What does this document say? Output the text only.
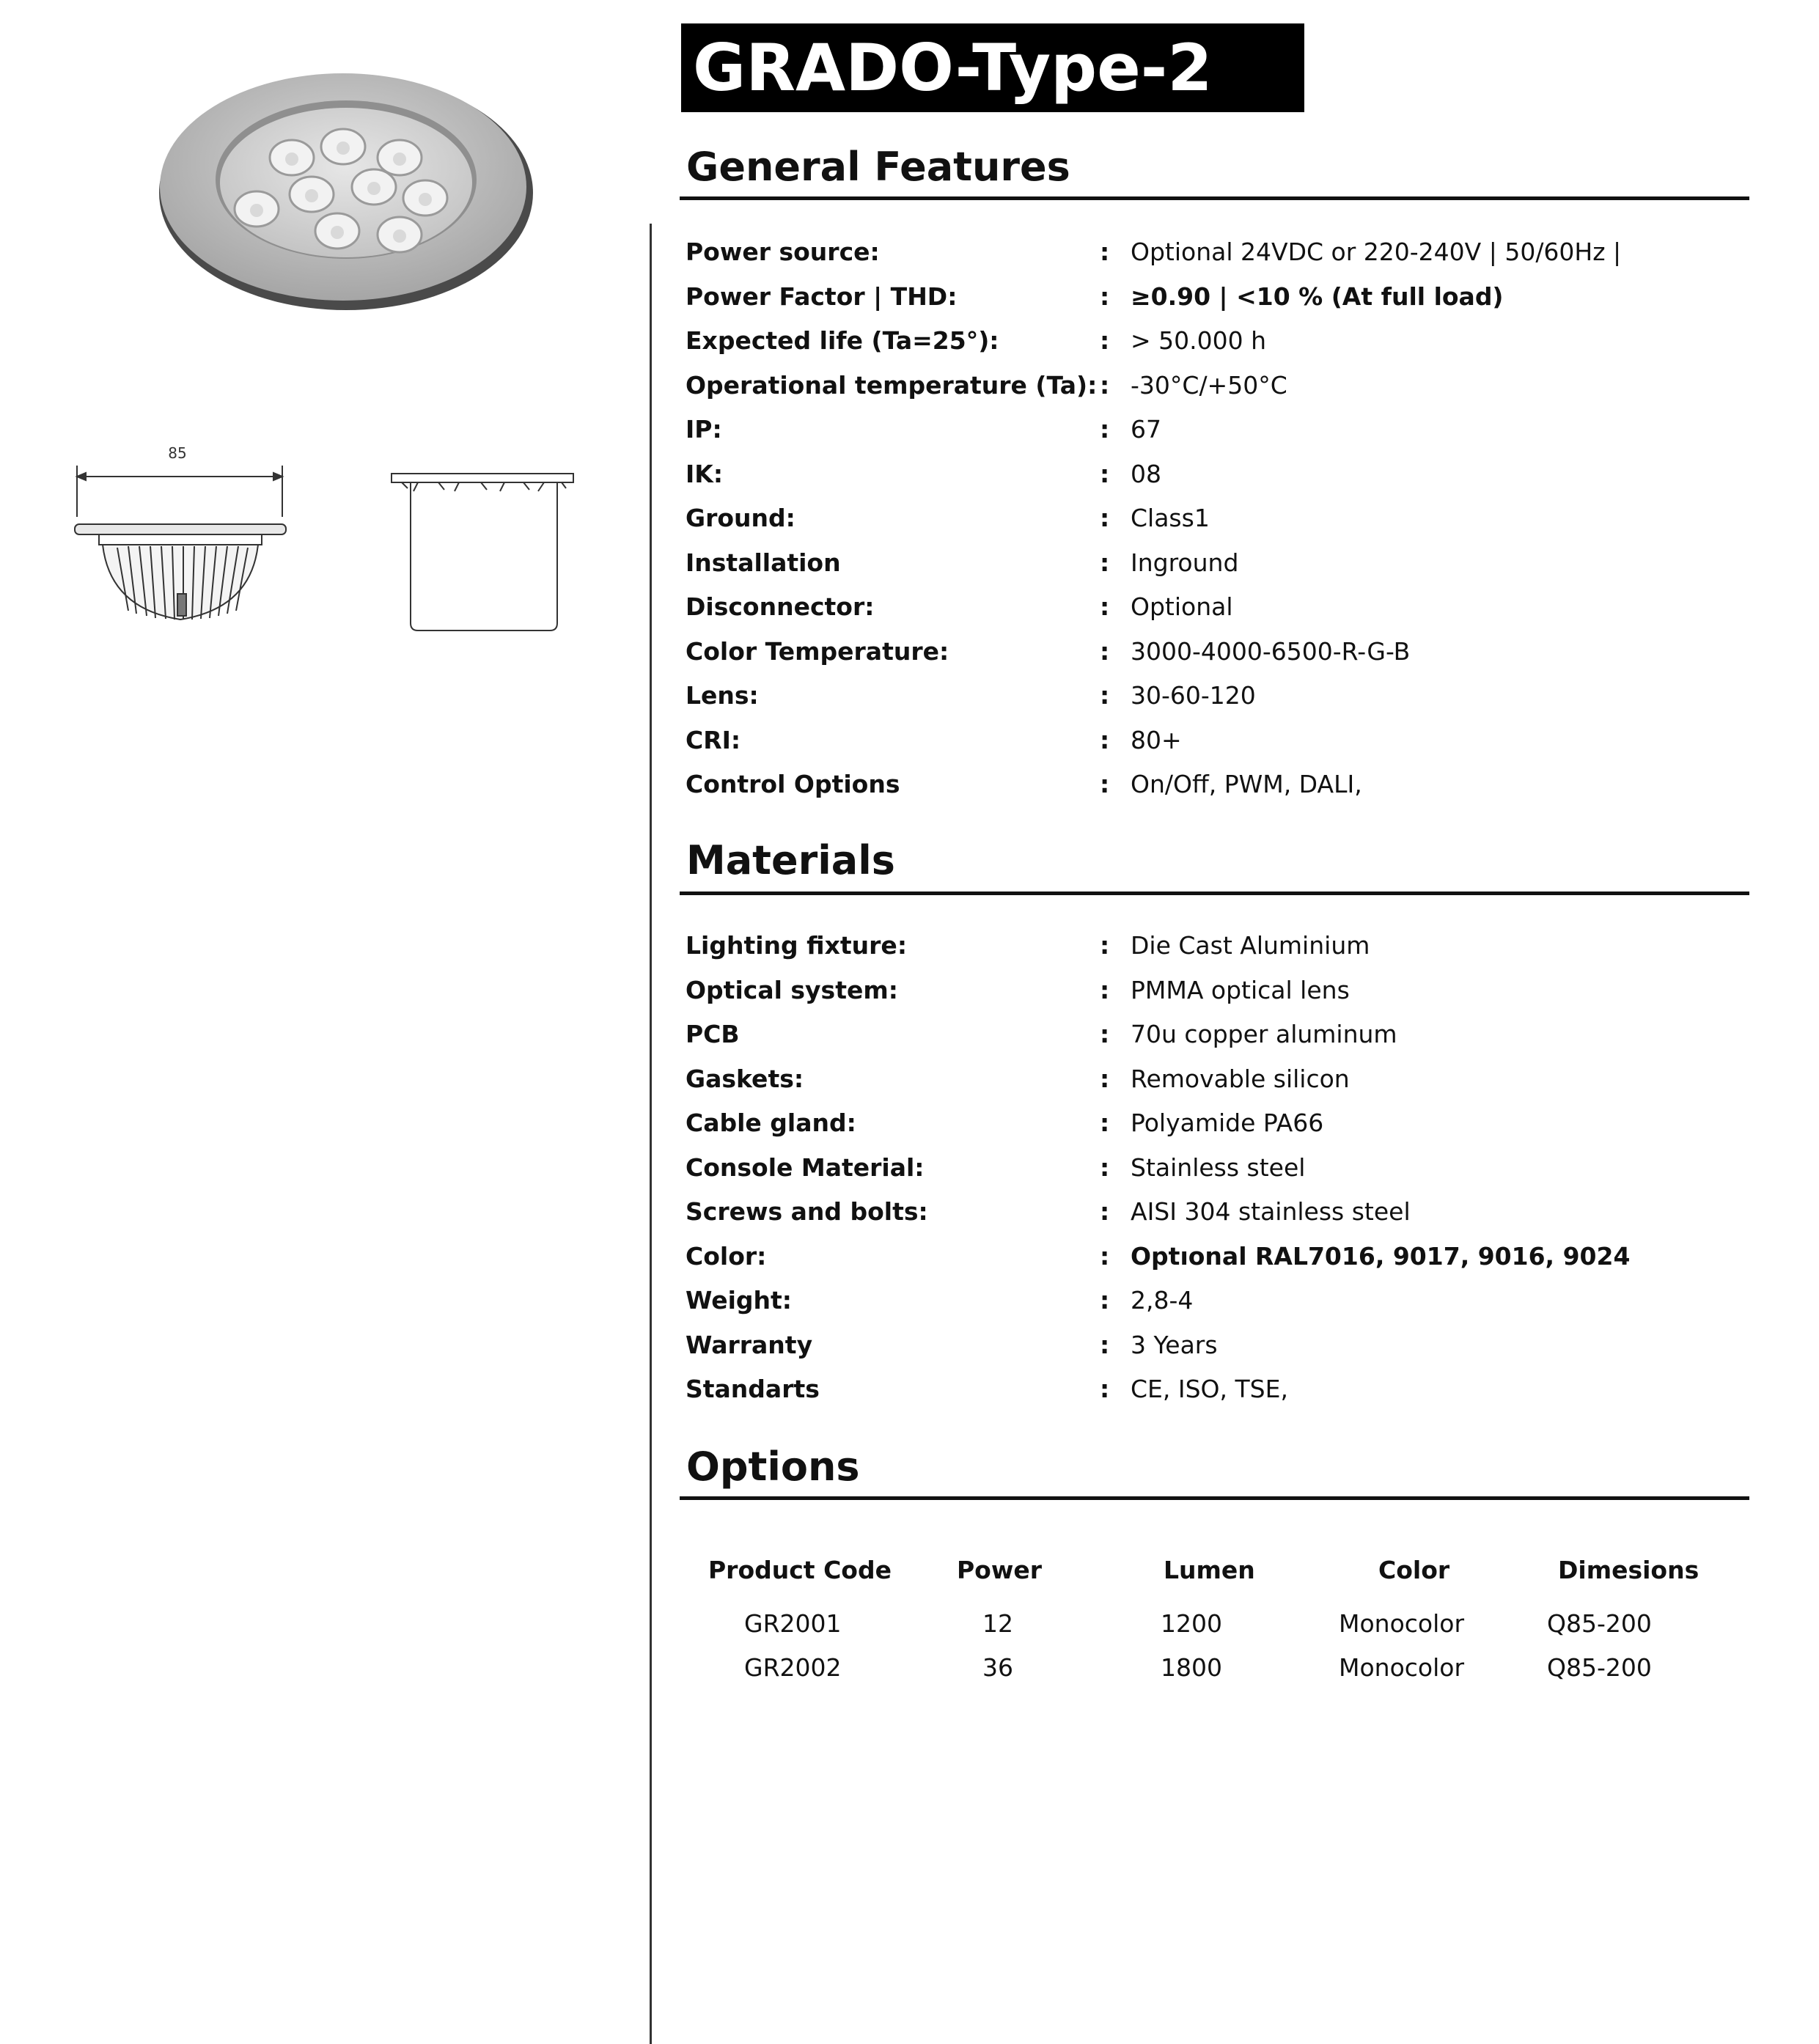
GRADO-Type-2
85
General Features
Power source:	: Optional 24VDC or 220-240V | 50/60Hz |
Power Factor | THD:	: ≥0.90 | <10 % (At full load)
Expected life (Ta=25°):	: > 50.000 h
Operational temperature (Ta): : -30°C/+50°C
IP:	: 67
IK:	: 08
Ground:	: Class1
Installation	: Inground
Disconnector:	: Optional
Color Temperature:	: 3000-4000-6500-R-G-B
Lens:	: 30-60-120
CRI:	: 80+
Control Options	: On/Off, PWM, DALI,
Materials
Lighting fixture:	: Die Cast Aluminium
Optical system:	: PMMA optical lens
PCB	: 70u copper aluminum
Gaskets:	: Removable silicon
Cable gland:	: Polyamide PA66
Console Material:	: Stainless steel
Screws and bolts:	: AISI 304 stainless steel
Color:	: Optıonal RAL7016, 9017, 9016, 9024
Weight:	: 2,8-4
Warranty	: 3 Years
Standarts	: CE, ISO, TSE,
Options
Product Code	Power	Lumen	Color	Dimesions
GR2001	12	1200	Monocolor	Q85-200
GR2002	36	1800	Monocolor	Q85-200
